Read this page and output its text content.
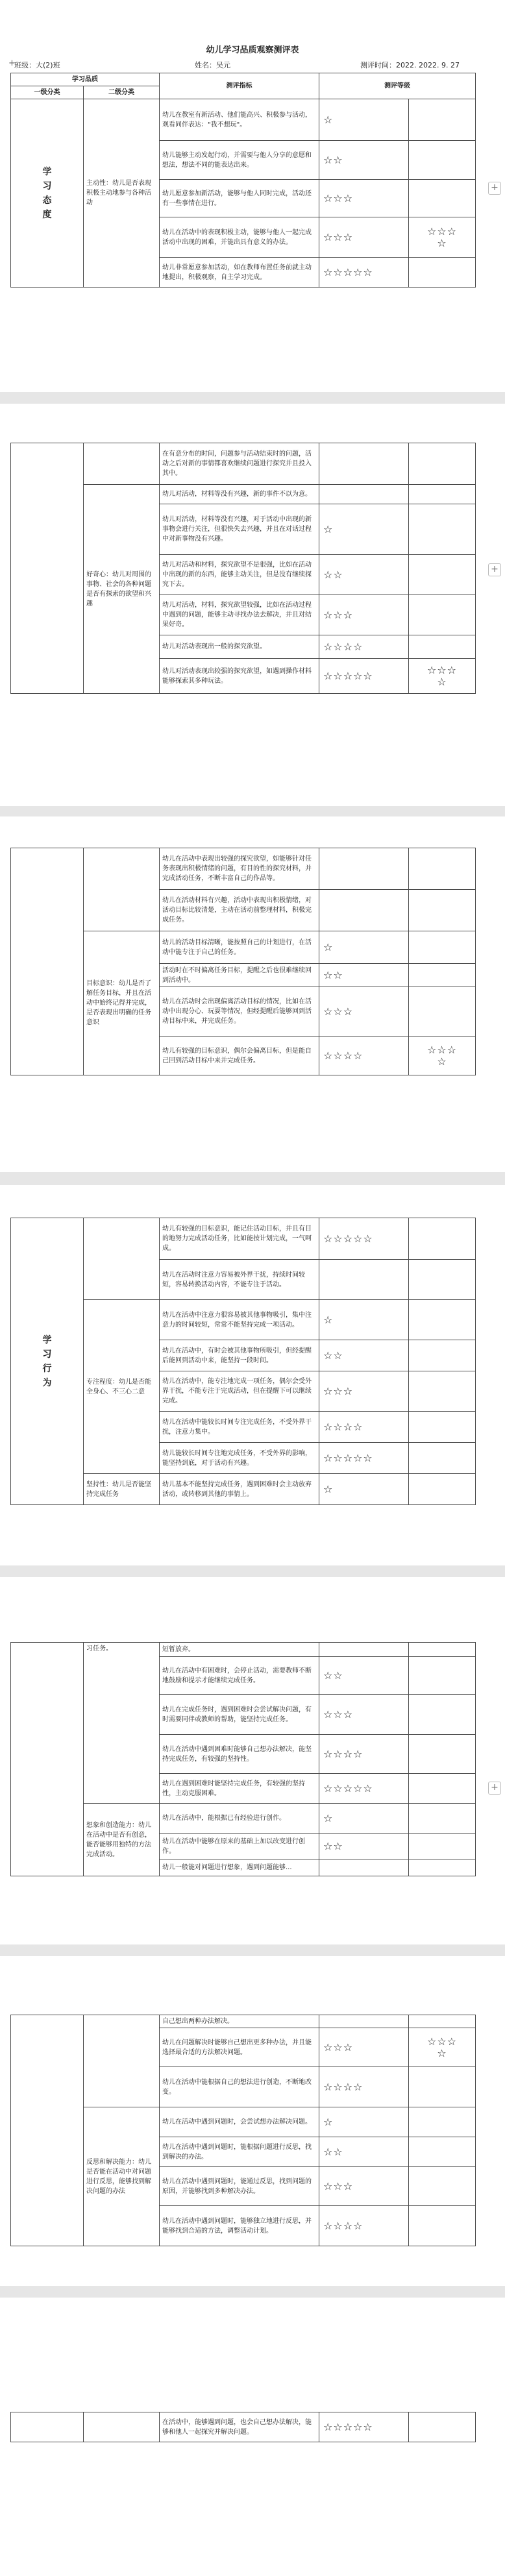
+
幼儿学习品质观察测评表
班级：大(2)班	姓名：吴元	测评时间：2022. 2022. 9. 27
学习品质		测评指标	测评等级	
一级分类	二级分类			
学
习
态
度	主动性：幼儿是否表现积极主动地参与各种活动	幼儿在教室有新活动、他们能高兴、积极参与活动，观看同伴表达："我不想玩"。	☆	
		幼儿能够主动发起行动，并需要与他人分享的意愿和想法，想法不同的能表达出来。	☆☆	
		幼儿愿意参加新活动，能够与他人同时完成，活动还有一些事情在进行。	☆☆☆	
		幼儿在活动中的表现积极主动，能够与他人一起完成活动中出现的困难，并能出具有意义的办法。	☆☆☆	☆☆☆
☆
		幼儿非常愿意参加活动，如在教师布置任务前就主动地提出，积极观察，自主学习完成。	☆☆☆☆☆	
+
		在有意分布的时间，问题参与活动结束时的问题，活动之后对新的事情都喜欢继续问题进行探究并且投入其中。		
	好奇心：幼儿对周围的事物、社会的各种问题是否有探索的欲望和兴趣	幼儿对活动，材料等没有兴趣，新的事件不以为意。		
		幼儿对活动，材料等没有兴趣，对于活动中出现的新事物会进行关注，但很快失去兴趣，并且在对话过程中对新事物没有兴趣。	☆	
		幼儿对活动和材料，探究欲望不是很强，比如在活动中出现的新的东西，能够主动关注，但是没有继续探究下去。	☆☆	
		幼儿对活动，材料，探究欲望较强，比如在活动过程中遇到的问题，能够主动寻找办法去解决，并且对结果好奇。	☆☆☆	
		幼儿对活动表现出一般的探究欲望。	☆☆☆☆	
		幼儿对活动表现出较强的探究欲望，如遇到操作材料能够探索其多种玩法。	☆☆☆☆☆	☆☆☆
☆
+
		幼儿在活动中表现出较强的探究欲望，如能够针对任务表现出积极情绪的问题，有目的性的探究材料，并完成活动任务，不断丰富自己的作品等。		
		幼儿在活动材料有兴趣，活动中表现出积极情绪，对活动目标比较清楚，主动在活动前整理材料，积极完成任务。		
	目标意识：幼儿是否了解任务目标，并且在活动中始终记得并完成，是否表现出明确的任务意识	幼儿的活动目标清晰，能按照自己的计划进行，在活动中能专注于自己的任务。	☆	
		活动时在不时偏离任务目标，提醒之后也很难继续回到活动中。	☆☆	
		幼儿在活动时会出现偏离活动目标的情况，比如在活动中出现分心、玩耍等情况，但经提醒后能够回到活动目标中来，并完成任务。	☆☆☆	
		幼儿有较强的目标意识，偶尔会偏离目标，但是能自己回到活动目标中来并完成任务。	☆☆☆☆	☆☆☆
☆
学
习
行
为		幼儿有较强的目标意识，能记住活动目标，并且有目的地努力完成活动任务，比如能按计划完成，一气呵成。	☆☆☆☆☆	
		幼儿在活动时注意力容易被外界干扰，持续时间较短，容易转换活动内容，不能专注于活动。		
	专注程度：幼儿是否能全身心、不三心二意	幼儿在活动中注意力很容易被其他事物吸引，集中注意力的时间较短，常常不能坚持完成一项活动。	☆	
		幼儿在活动中，有时会被其他事物所吸引，但经提醒后能回到活动中来，能坚持一段时间。	☆☆	
		幼儿在活动中，能专注地完成一项任务，偶尔会受外界干扰，不能专注于完成活动，但在提醒下可以继续完成。	☆☆☆	
		幼儿在活动中能较长时间专注完成任务，不受外界干扰，注意力集中。	☆☆☆☆	
		幼儿能较长时间专注地完成任务，不受外界的影响，能坚持到底，对于活动有兴趣。	☆☆☆☆☆	
	坚持性：幼儿是否能坚持完成任务	幼儿基本不能坚持完成任务，遇到困难时会主动放弃活动，或转移到其他的事情上。	☆	
	习任务。	短暂放弃。		
		幼儿在活动中有困难时，会停止活动，需要教师不断地鼓励和提示才能继续完成任务。	☆☆	
		幼儿在完成任务时，遇到困难时会尝试解决问题，有时需要同伴或教师的帮助，能坚持完成任务。	☆☆☆	
		幼儿在活动中遇到困难时能够自己想办法解决，能坚持完成任务，有较强的坚持性。	☆☆☆☆	
		幼儿在遇到困难时能坚持完成任务，有较强的坚持性，主动克服困难。	☆☆☆☆☆	
	想象和创造能力：幼儿在活动中是否有创意，能否能够用独特的方法完成活动。	幼儿在活动中，能根据已有经验进行创作。	☆	
		幼儿在活动中能够在原来的基础上加以改变进行创作。	☆☆	
		幼儿一般能对问题进行想象，遇到问题能够...		
+
		自己想出两种办法解决。		
		幼儿在问题解决时能够自己想出更多种办法，并且能选择最合适的方法解决问题。	☆☆☆	☆☆☆
☆
		幼儿在活动中能根据自己的想法进行创造，不断地改变。	☆☆☆☆	
	反思和解决能力：幼儿是否能在活动中对问题进行反思，能够找到解决问题的办法	幼儿在活动中遇到问题时，会尝试想办法解决问题。	☆	
		幼儿在活动中遇到问题时，能根据问题进行反思，找到解决的办法。	☆☆	
		幼儿在活动中遇到问题时，能通过反思，找到问题的原因，并能够找到多种解决办法。	☆☆☆	
		幼儿在活动中遇到问题时，能够独立地进行反思，并能够找到合适的方法，调整活动计划。	☆☆☆☆	
		在活动中，能够遇到问题，也会自己想办法解决，能够和他人一起探究并解决问题。	☆☆☆☆☆	
